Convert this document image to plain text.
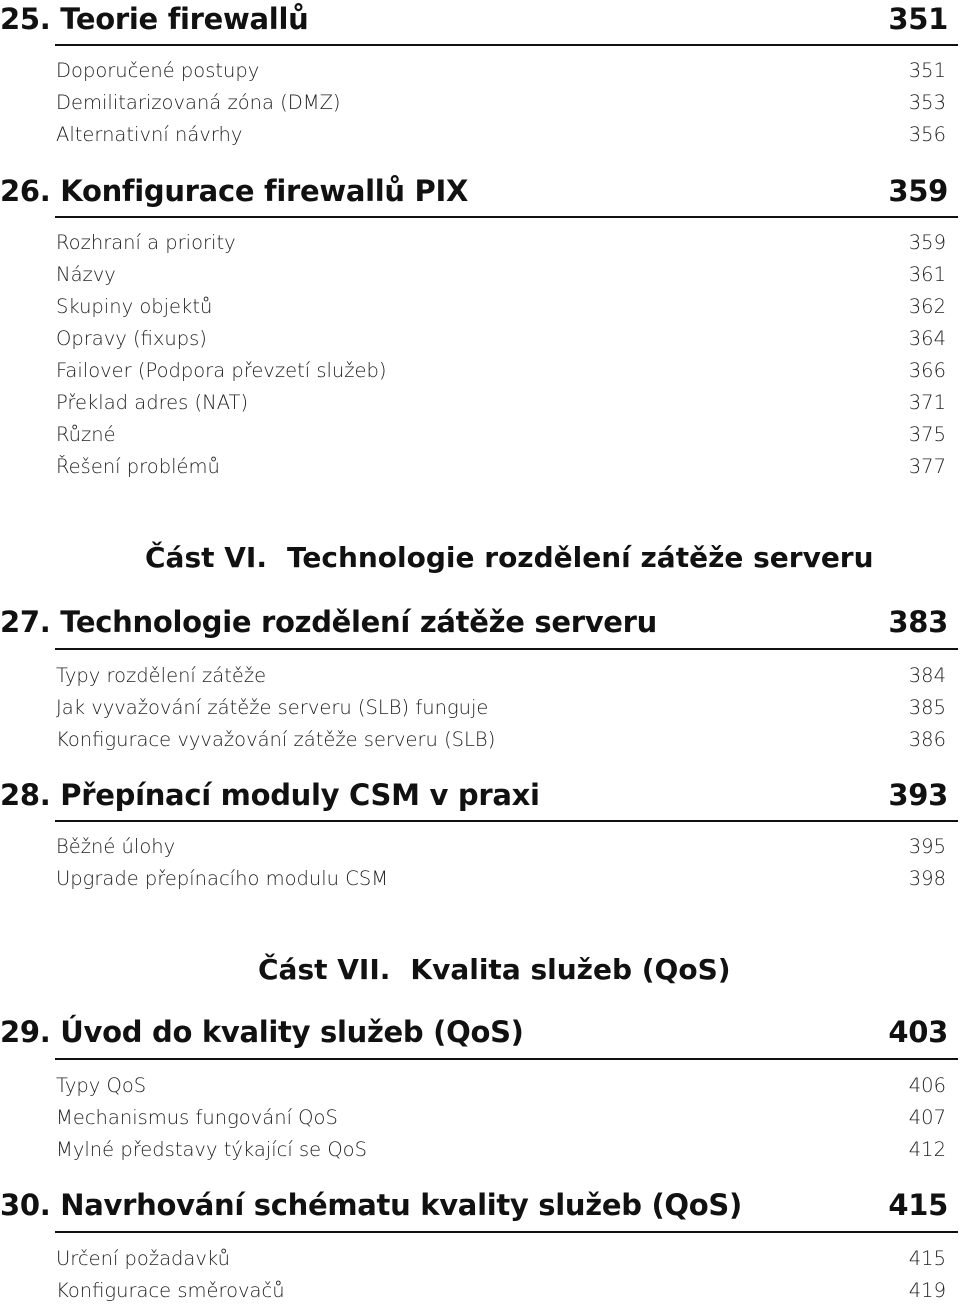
25. Teorie firewallů	351
Doporučené postupy	351
Demilitarizovaná zóna (DMZ)	353
Alternativní návrhy	356
26. Konfigurace firewallů PIX	359
Rozhraní a priority	359
Názvy	361
Skupiny objektů	362
Opravy (fixups)	364
Failover (Podpora převzetí služeb)	366
Překlad adres (NAT)	371
Různé	375
Řešení problémů	377
Část VI. Technologie rozdělení zátěže serveru
27. Technologie rozdělení zátěže serveru	383
Typy rozdělení zátěže	384
Jak vyvažování zátěže serveru (SLB) funguje	385
Konfigurace vyvažování zátěže serveru (SLB)	386
28. Přepínací moduly CSM v praxi	393
Běžné úlohy	395
Upgrade přepínacího modulu CSM	398
Část VII. Kvalita služeb (QoS)
29. Úvod do kvality služeb (QoS)	403
Typy QoS	406
Mechanismus fungování QoS	407
Mylné představy týkající se QoS	412
30. Navrhování schématu kvality služeb (QoS)	415
Určení požadavků	415
Konfigurace směrovačů	419
